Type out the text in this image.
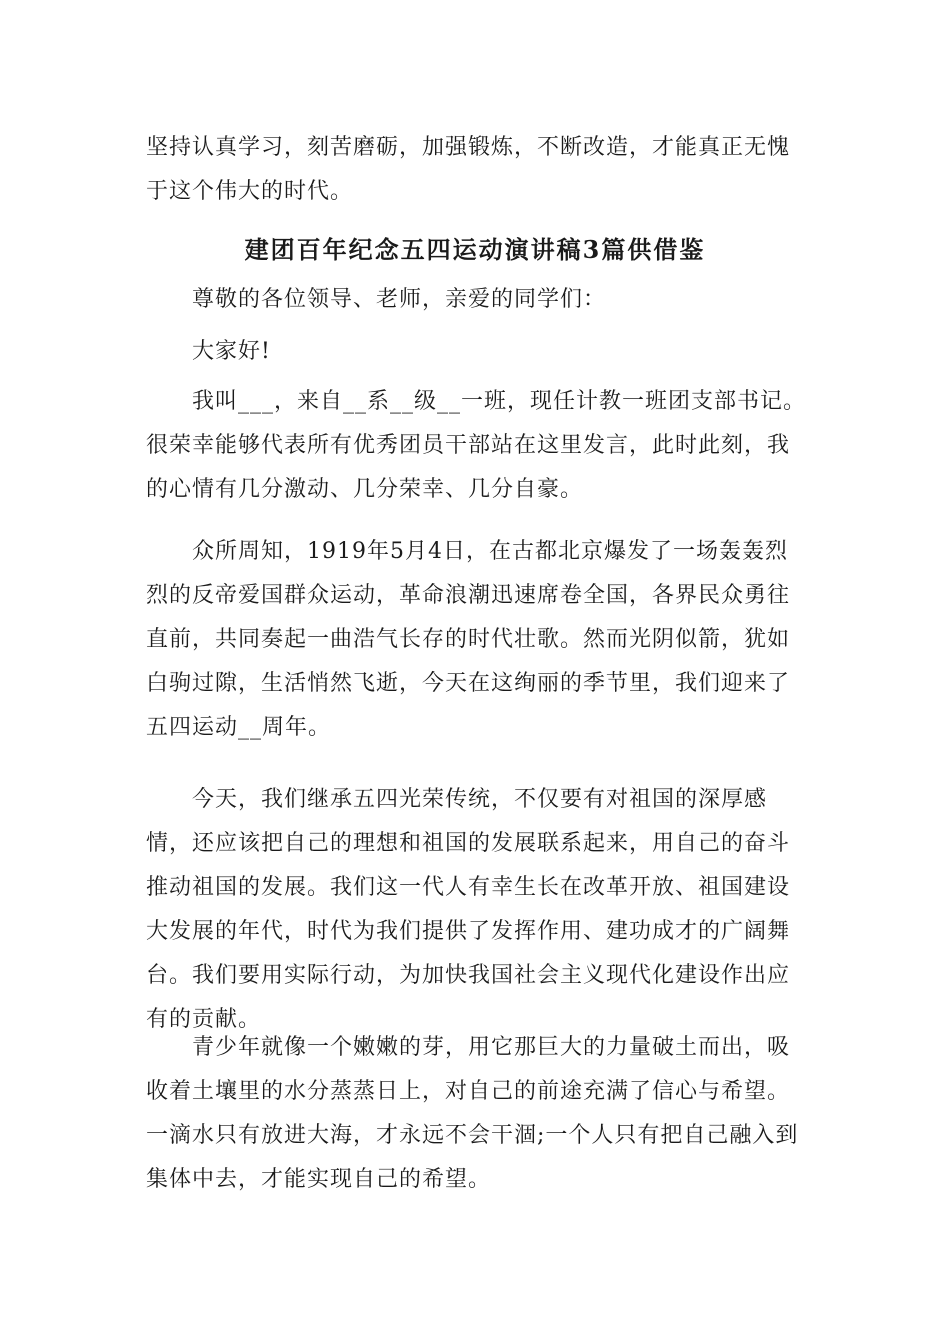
坚持认真学习，刻苦磨砺，加强锻炼，不断改造，才能真正无愧于这个伟大的时代。

建团百年纪念五四运动演讲稿3篇供借鉴

尊敬的各位领导、老师，亲爱的同学们：

大家好!

我叫___，来自__系__级__一班，现任计教一班团支部书记。很荣幸能够代表所有优秀团员干部站在这里发言，此时此刻，我的心情有几分激动、几分荣幸、几分自豪。

众所周知，1919年5月4日，在古都北京爆发了一场轰轰烈烈的反帝爱国群众运动，革命浪潮迅速席卷全国，各界民众勇往直前，共同奏起一曲浩气长存的时代壮歌。然而光阴似箭，犹如白驹过隙，生活悄然飞逝，今天在这绚丽的季节里，我们迎来了五四运动__周年。

今天，我们继承五四光荣传统，不仅要有对祖国的深厚感情，还应该把自己的理想和祖国的发展联系起来，用自己的奋斗推动祖国的发展。我们这一代人有幸生长在改革开放、祖国建设大发展的年代，时代为我们提供了发挥作用、建功成才的广阔舞台。我们要用实际行动，为加快我国社会主义现代化建设作出应有的贡献。

青少年就像一个嫩嫩的芽，用它那巨大的力量破土而出，吸收着土壤里的水分蒸蒸日上，对自己的前途充满了信心与希望。一滴水只有放进大海，才永远不会干涸;一个人只有把自己融入到集体中去，才能实现自己的希望。
